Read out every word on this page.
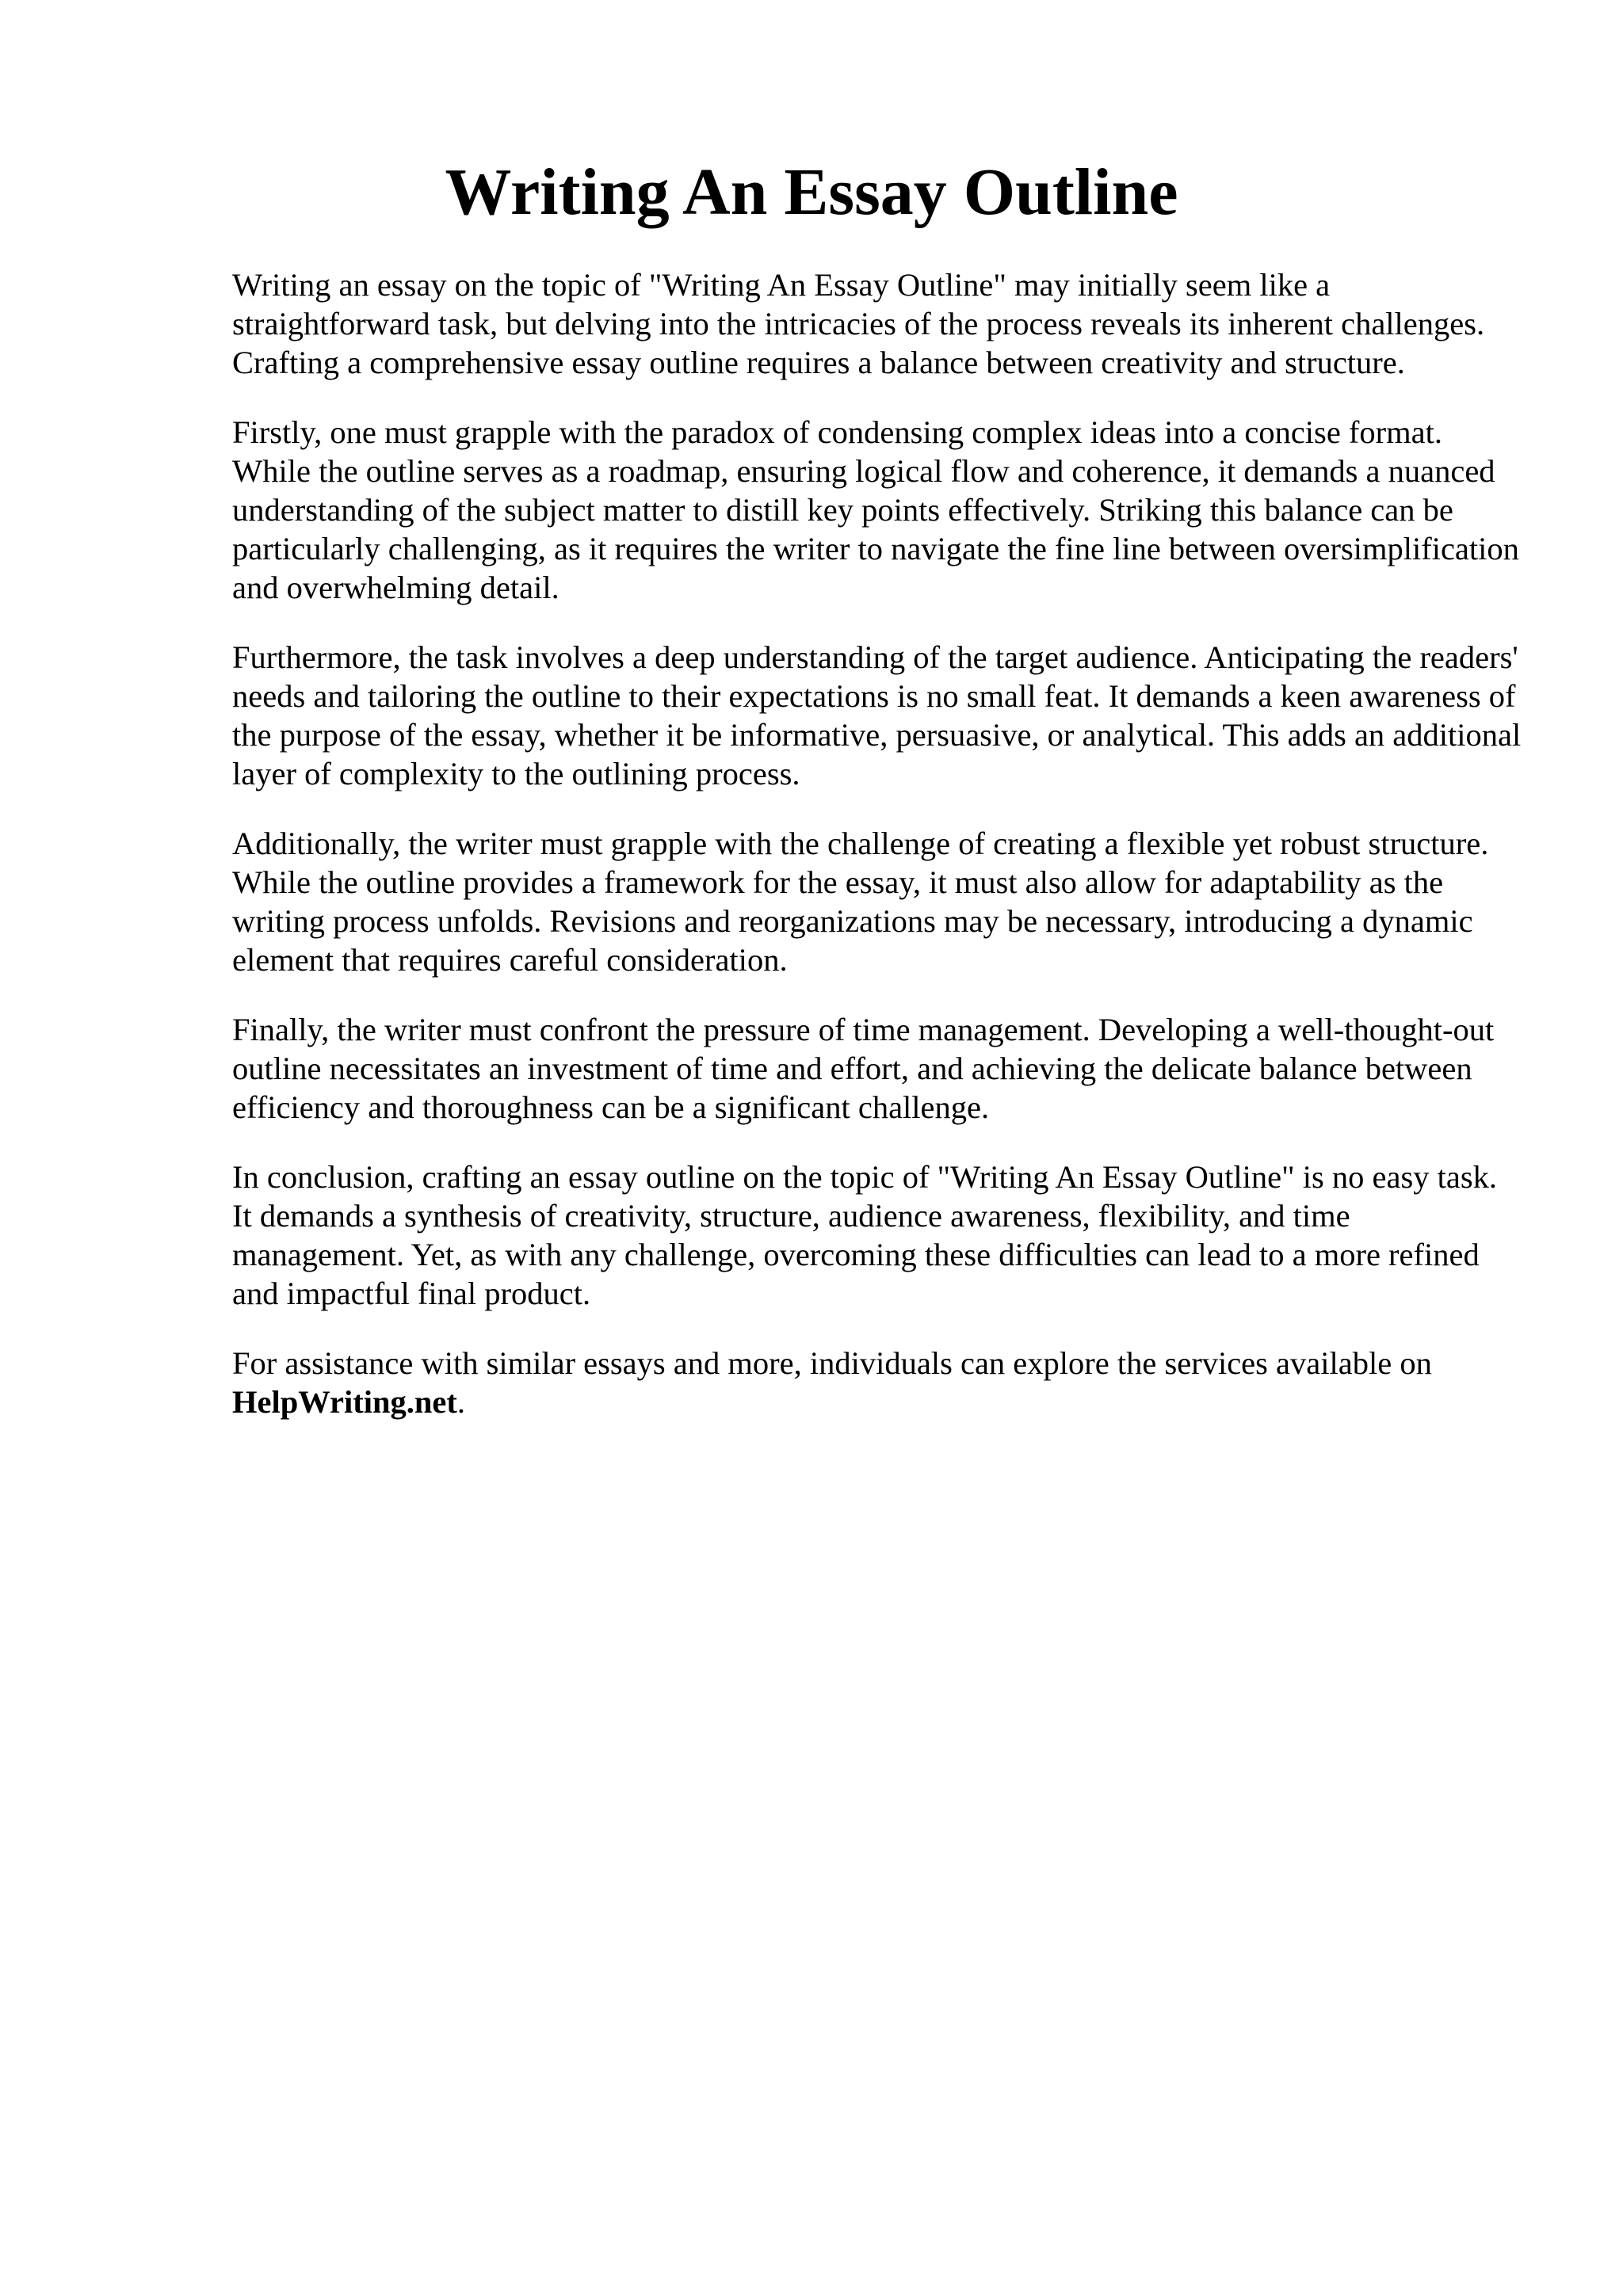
Writing An Essay Outline

Writing an essay on the topic of "Writing An Essay Outline" may initially seem like a straightforward task, but delving into the intricacies of the process reveals its inherent challenges. Crafting a comprehensive essay outline requires a balance between creativity and structure.

Firstly, one must grapple with the paradox of condensing complex ideas into a concise format. While the outline serves as a roadmap, ensuring logical flow and coherence, it demands a nuanced understanding of the subject matter to distill key points effectively. Striking this balance can be particularly challenging, as it requires the writer to navigate the fine line between oversimplification and overwhelming detail.

Furthermore, the task involves a deep understanding of the target audience. Anticipating the readers' needs and tailoring the outline to their expectations is no small feat. It demands a keen awareness of the purpose of the essay, whether it be informative, persuasive, or analytical. This adds an additional layer of complexity to the outlining process.

Additionally, the writer must grapple with the challenge of creating a flexible yet robust structure. While the outline provides a framework for the essay, it must also allow for adaptability as the writing process unfolds. Revisions and reorganizations may be necessary, introducing a dynamic element that requires careful consideration.

Finally, the writer must confront the pressure of time management. Developing a well-thought-out outline necessitates an investment of time and effort, and achieving the delicate balance between efficiency and thoroughness can be a significant challenge.

In conclusion, crafting an essay outline on the topic of "Writing An Essay Outline" is no easy task. It demands a synthesis of creativity, structure, audience awareness, flexibility, and time management. Yet, as with any challenge, overcoming these difficulties can lead to a more refined and impactful final product.

For assistance with similar essays and more, individuals can explore the services available on HelpWriting.net.
